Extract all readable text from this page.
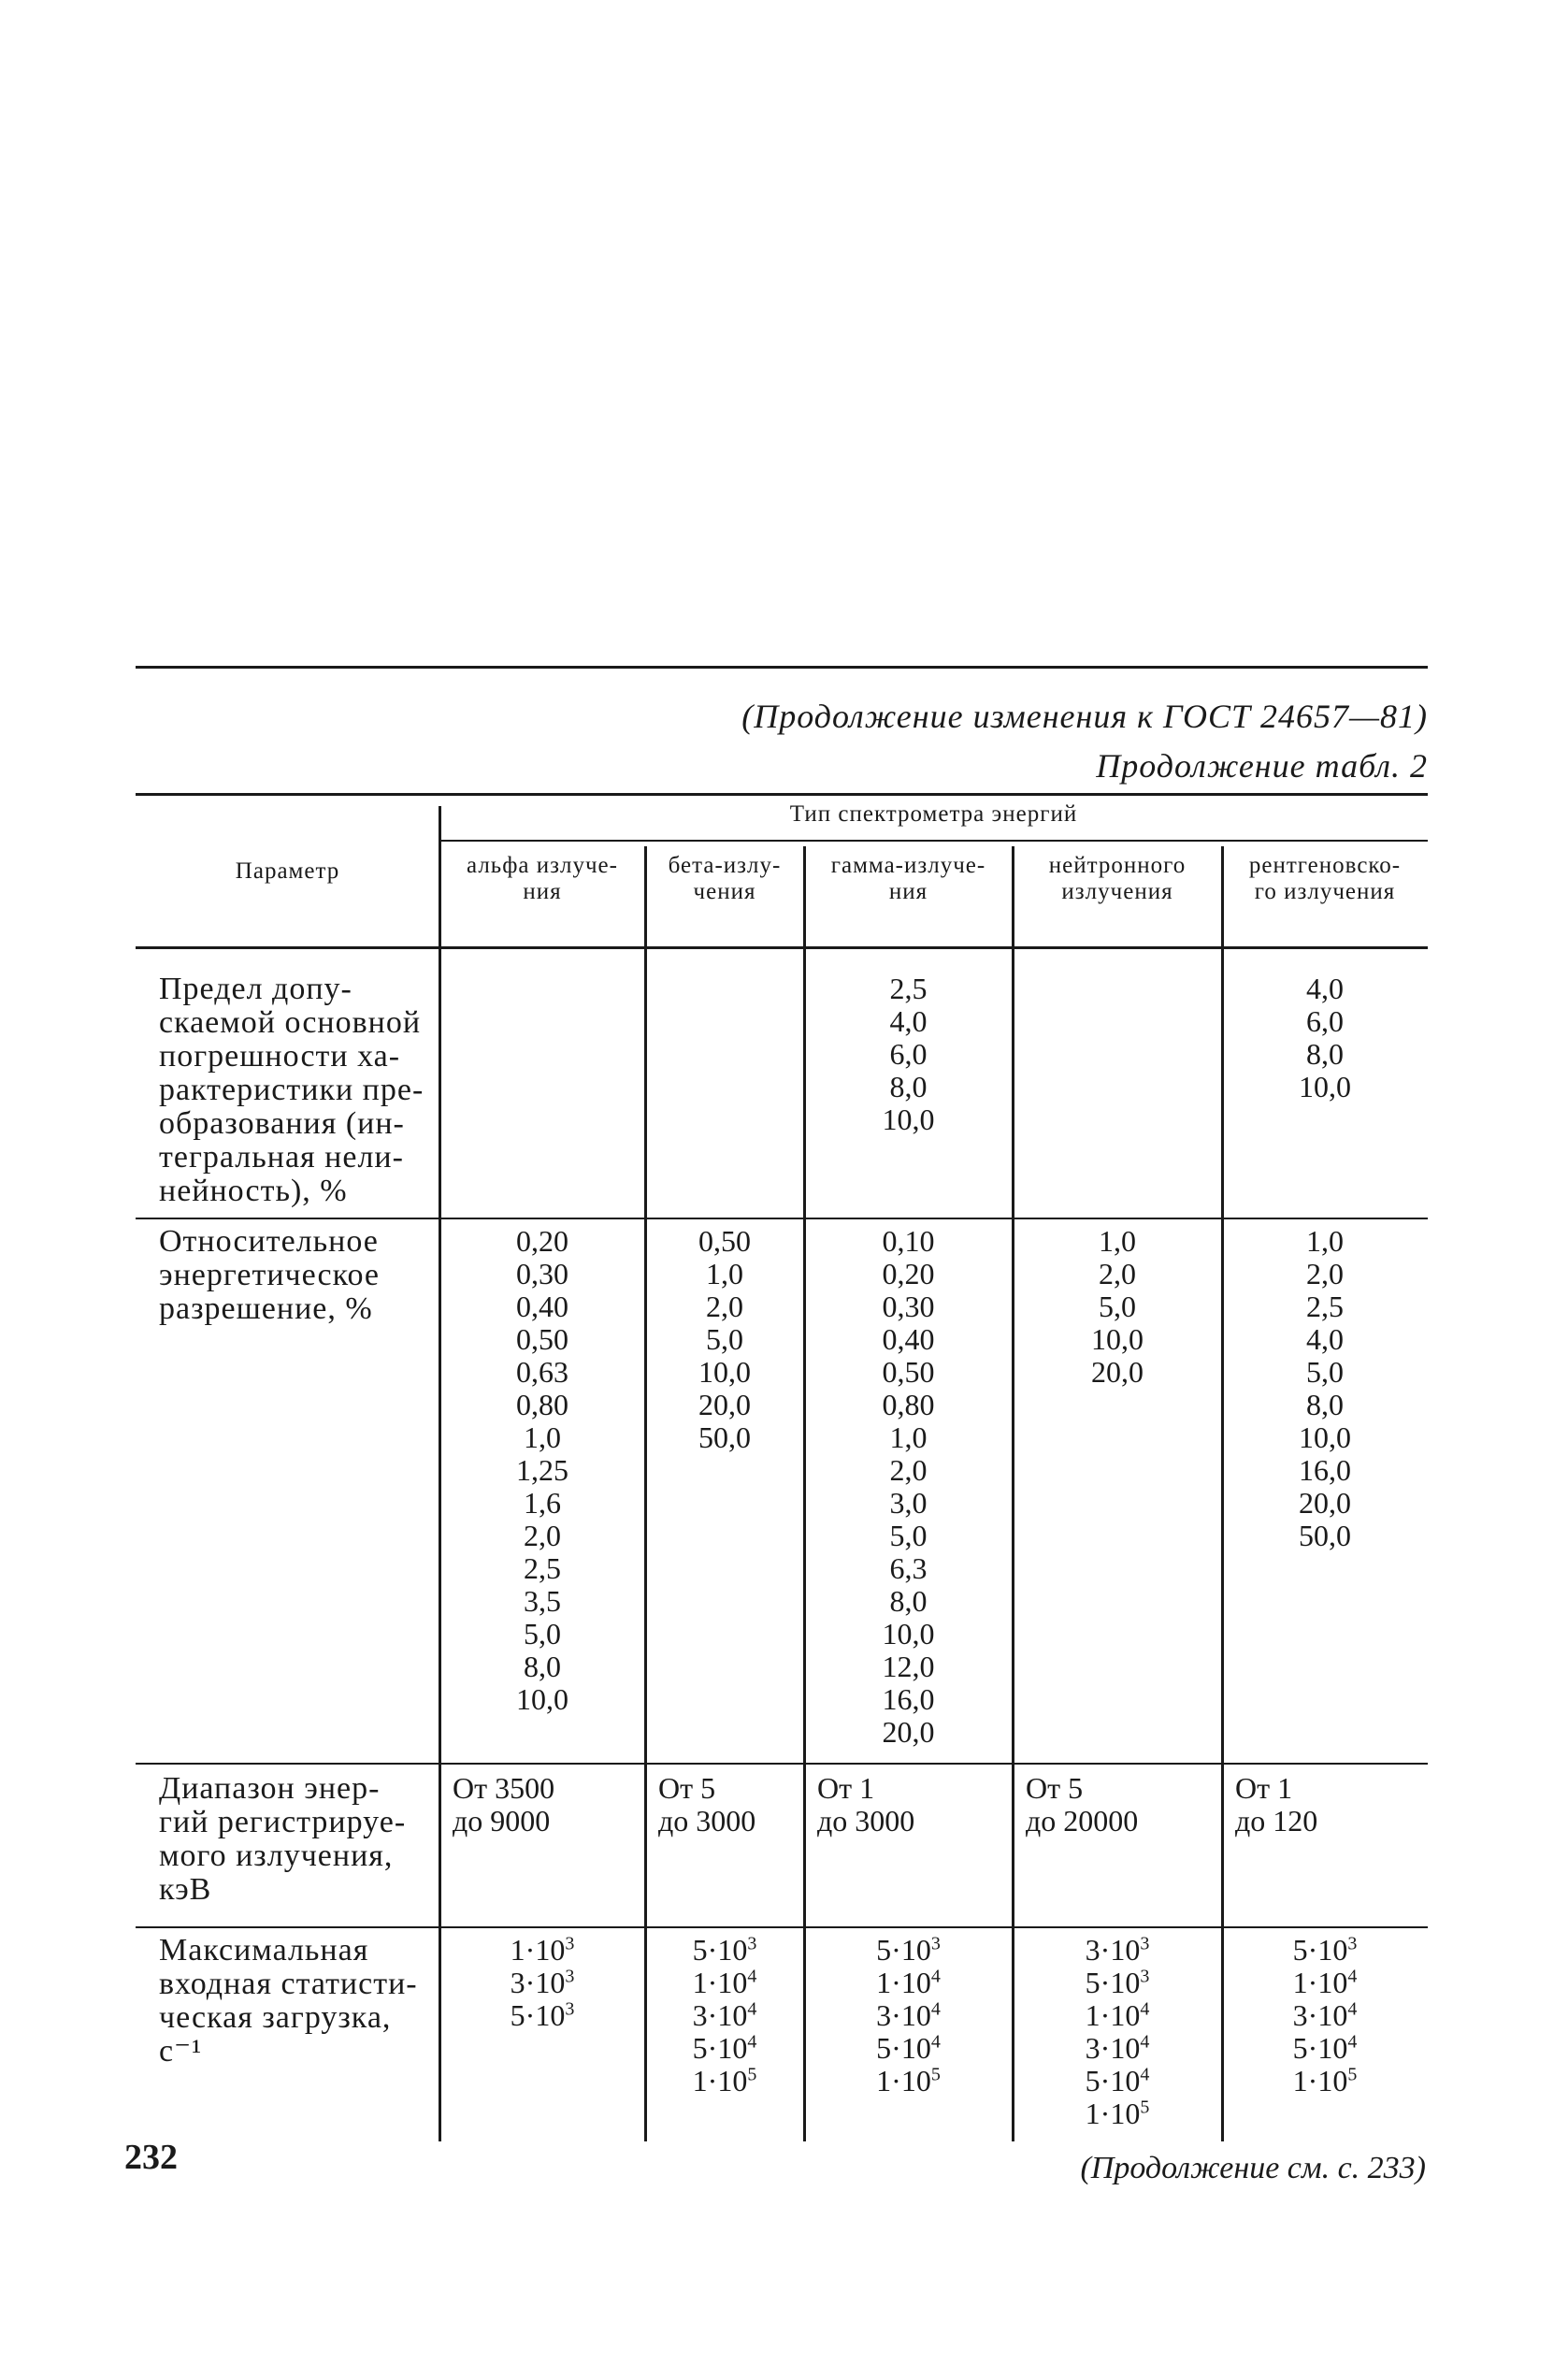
(Продолжение изменения к ГОСТ 24657—81)
Продолжение табл. 2
Параметр
Тип спектрометра энергий
альфа излуче-
ния
бета-излу-
чения
гамма-излуче-
ния
нейтронного
излучения
рентгеновско-
го излучения
Предел допу-
скаемой основной
погрешности ха-
рактеристики пре-
образования (ин-
тегральная нели-
нейность), %
2,5
4,0
6,0
8,0
10,0
4,0
6,0
8,0
10,0
Относительное
энергетическое
разрешение, %
0,20
0,30
0,40
0,50
0,63
0,80
1,0
1,25
1,6
2,0
2,5
3,5
5,0
8,0
10,0
0,50
1,0
2,0
5,0
10,0
20,0
50,0
0,10
0,20
0,30
0,40
0,50
0,80
1,0
2,0
3,0
5,0
6,3
8,0
10,0
12,0
16,0
20,0
1,0
2,0
5,0
10,0
20,0
1,0
2,0
2,5
4,0
5,0
8,0
10,0
16,0
20,0
50,0
Диапазон энер-
гий регистрируе-
мого излучения,
кэВ
От 3500
до 9000
От 5
до 3000
От 1
до 3000
От 5
до 20000
От 1
до 120
Максимальная
входная статисти-
ческая загрузка,
с⁻¹
$1\cdot 10^3$
$3\cdot 10^3$
$5\cdot 10^3$
$5\cdot 10^3$
$1\cdot 10^4$
$3\cdot 10^4$
$5\cdot 10^4$
$1\cdot 10^5$
$5\cdot 10^3$
$1\cdot 10^4$
$3\cdot 10^4$
$5\cdot 10^4$
$1\cdot 10^5$
$3\cdot 10^3$
$5\cdot 10^3$
$1\cdot 10^4$
$3\cdot 10^4$
$5\cdot 10^4$
$1\cdot 10^5$
$5\cdot 10^3$
$1\cdot 10^4$
$3\cdot 10^4$
$5\cdot 10^4$
$1\cdot 10^5$
232	(Продолжение см. с. 233)
